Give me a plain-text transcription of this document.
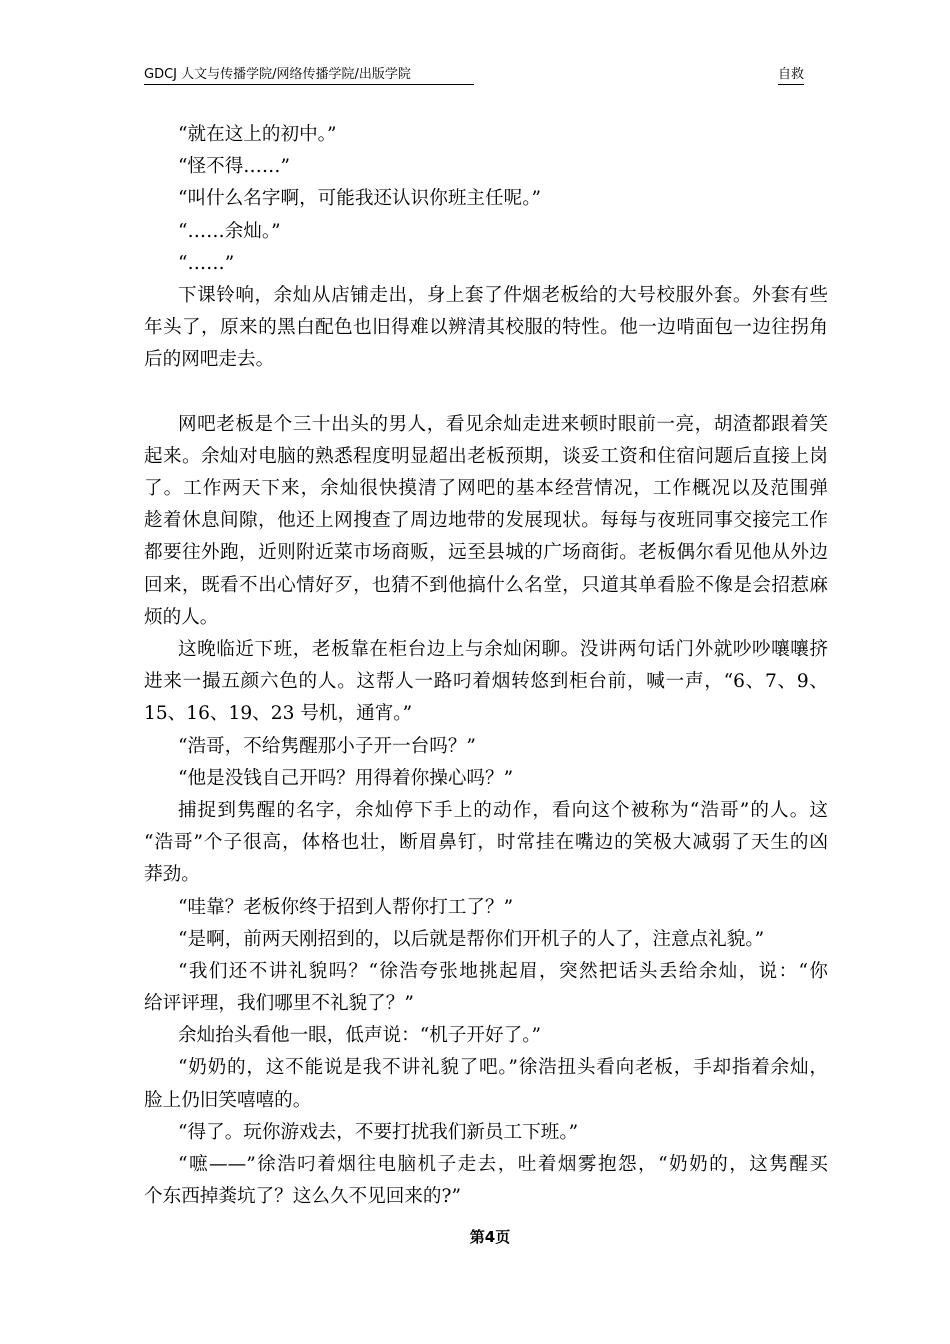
GDCJ 人文与传播学院/网络传播学院/出版学院	自救
“就在这上的初中。”
“怪不得……”
“叫什么名字啊，可能我还认识你班主任呢。”
“……余灿。”
“……”
下课铃响，余灿从店铺走出，身上套了件烟老板给的大号校服外套。外套有些
年头了，原来的黑白配色也旧得难以辨清其校服的特性。他一边啃面包一边往拐角
后的网吧走去。
网吧老板是个三十出头的男人，看见余灿走进来顿时眼前一亮，胡渣都跟着笑
起来。余灿对电脑的熟悉程度明显超出老板预期，谈妥工资和住宿问题后直接上岗
了。工作两天下来，余灿很快摸清了网吧的基本经营情况，工作概况以及范围弹
趁着休息间隙，他还上网搜查了周边地带的发展现状。每每与夜班同事交接完工作
都要往外跑，近则附近菜市场商贩，远至县城的广场商街。老板偶尔看见他从外边
回来，既看不出心情好歹，也猜不到他搞什么名堂，只道其单看脸不像是会招惹麻
烦的人。
这晚临近下班，老板靠在柜台边上与余灿闲聊。没讲两句话门外就吵吵嚷嚷挤
进来一撮五颜六色的人。这帮人一路叼着烟转悠到柜台前，喊一声，“6、7、9、
15、16、19、23 号机，通宵。”
“浩哥，不给隽醒那小子开一台吗？”
“他是没钱自己开吗？用得着你操心吗？”
捕捉到隽醒的名字，余灿停下手上的动作，看向这个被称为“浩哥”的人。这
“浩哥”个子很高，体格也壮，断眉鼻钉，时常挂在嘴边的笑极大减弱了天生的凶
莽劲。
“哇靠？老板你终于招到人帮你打工了？”
“是啊，前两天刚招到的，以后就是帮你们开机子的人了，注意点礼貌。”
“我们还不讲礼貌吗？“徐浩夸张地挑起眉，突然把话头丢给余灿，说：“你
给评评理，我们哪里不礼貌了？”
余灿抬头看他一眼，低声说：“机子开好了。”
“奶奶的，这不能说是我不讲礼貌了吧。”徐浩扭头看向老板，手却指着余灿，
脸上仍旧笑嘻嘻的。
“得了。玩你游戏去，不要打扰我们新员工下班。”
“嗻——”徐浩叼着烟往电脑机子走去，吐着烟雾抱怨，“奶奶的，这隽醒买
个东西掉粪坑了？这么久不见回来的?”
第4页
